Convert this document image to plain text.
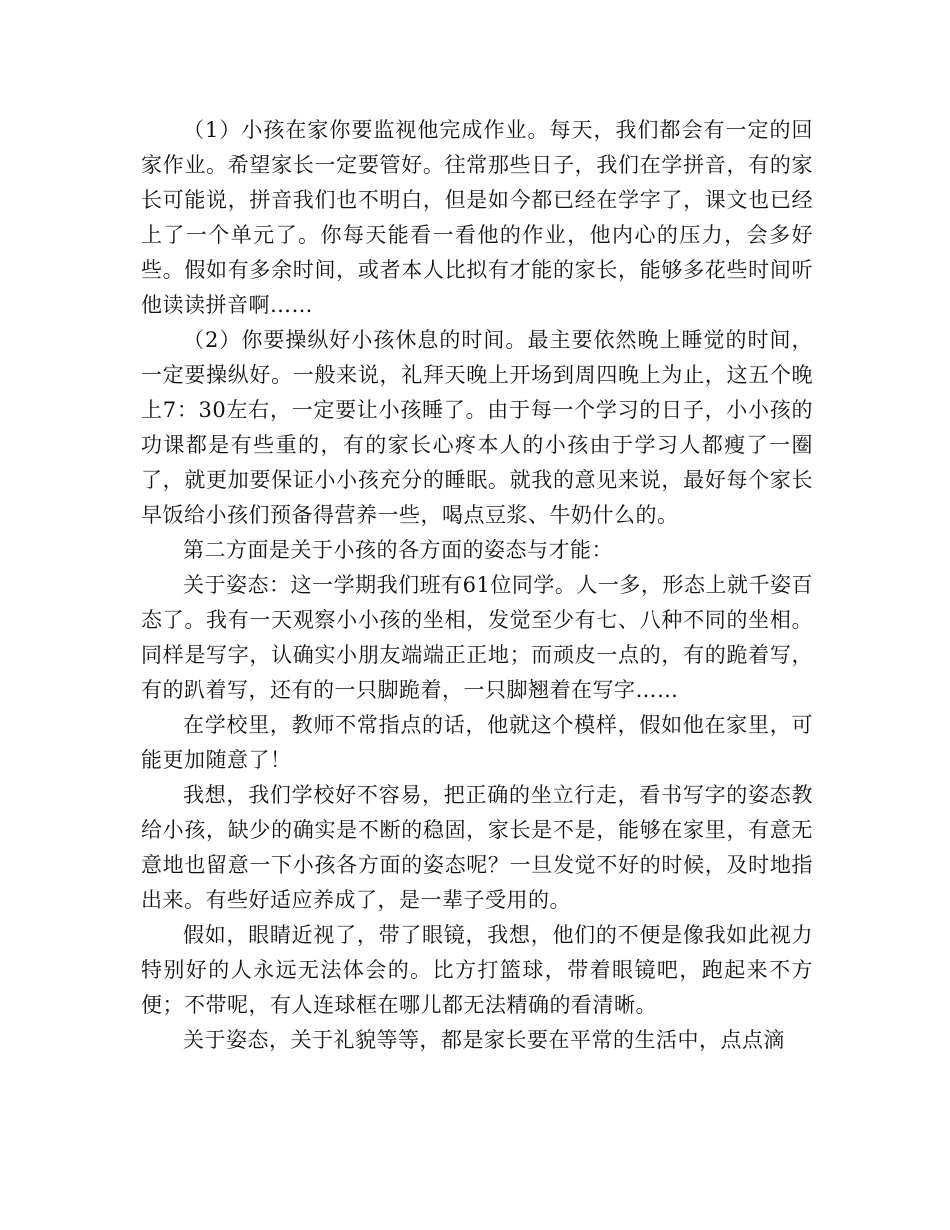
（1）小孩在家你要监视他完成作业。每天，我们都会有一定的回家作业。希望家长一定要管好。往常那些日子，我们在学拼音，有的家长可能说，拼音我们也不明白，但是如今都已经在学字了，课文也已经上了一个单元了。你每天能看一看他的作业，他内心的压力，会多好些。假如有多余时间，或者本人比拟有才能的家长，能够多花些时间听他读读拼音啊……

（2）你要操纵好小孩休息的时间。最主要依然晚上睡觉的时间，一定要操纵好。一般来说，礼拜天晚上开场到周四晚上为止，这五个晚上7：30左右，一定要让小孩睡了。由于每一个学习的日子，小小孩的功课都是有些重的，有的家长心疼本人的小孩由于学习人都瘦了一圈了，就更加要保证小小孩充分的睡眠。就我的意见来说，最好每个家长早饭给小孩们预备得营养一些，喝点豆浆、牛奶什么的。

第二方面是关于小孩的各方面的姿态与才能：

关于姿态：这一学期我们班有61位同学。人一多，形态上就千姿百态了。我有一天观察小小孩的坐相，发觉至少有七、八种不同的坐相。同样是写字，认确实小朋友端端正正地；而顽皮一点的，有的跪着写，有的趴着写，还有的一只脚跪着，一只脚翘着在写字……

在学校里，教师不常指点的话，他就这个模样，假如他在家里，可能更加随意了！

我想，我们学校好不容易，把正确的坐立行走，看书写字的姿态教给小孩，缺少的确实是不断的稳固，家长是不是，能够在家里，有意无意地也留意一下小孩各方面的姿态呢？一旦发觉不好的时候，及时地指出来。有些好适应养成了，是一辈子受用的。

假如，眼睛近视了，带了眼镜，我想，他们的不便是像我如此视力特别好的人永远无法体会的。比方打篮球，带着眼镜吧，跑起来不方便；不带呢，有人连球框在哪儿都无法精确的看清晰。

关于姿态，关于礼貌等等，都是家长要在平常的生活中，点点滴
